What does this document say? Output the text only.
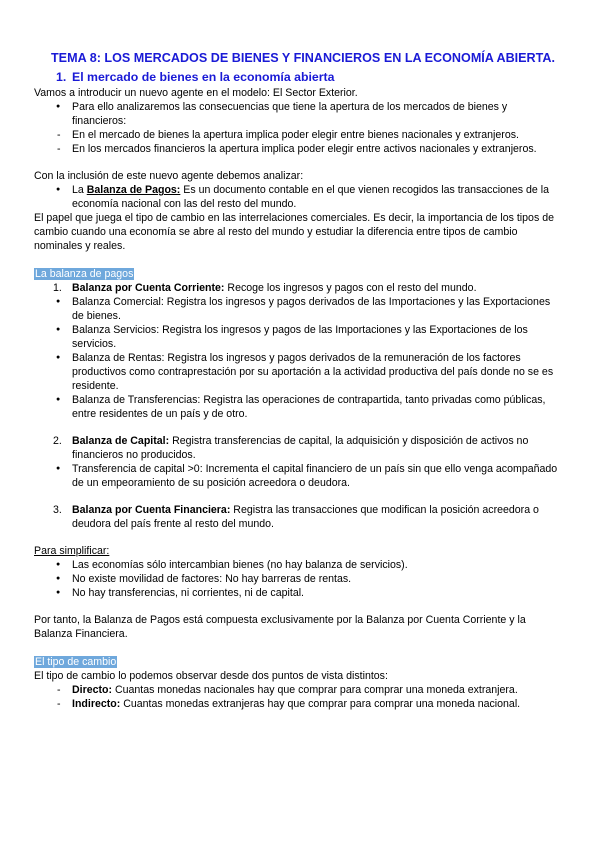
TEMA 8: LOS MERCADOS DE BIENES Y FINANCIEROS EN LA ECONOMÍA ABIERTA.
1. El mercado de bienes en la economía abierta

Vamos a introducir un nuevo agente en el modelo: El Sector Exterior.

Para ello analizaremos las consecuencias que tiene la apertura de los mercados de bienes y financieros:
En el mercado de bienes la apertura implica poder elegir entre bienes nacionales y extranjeros.
En los mercados financieros la apertura implica poder elegir entre activos nacionales y extranjeros.

Con la inclusión de este nuevo agente debemos analizar:

La Balanza de Pagos: Es un documento contable en el que vienen recogidos las transacciones de la economía nacional con las del resto del mundo.

El papel que juega el tipo de cambio en las interrelaciones comerciales. Es decir, la importancia de los tipos de cambio cuando una economía se abre al resto del mundo y estudiar la diferencia entre tipos de cambio nominales y reales.

La balanza de pagos

1. Balanza por Cuenta Corriente: Recoge los ingresos y pagos con el resto del mundo.
Balanza Comercial: Registra los ingresos y pagos derivados de las Importaciones y las Exportaciones de bienes.
Balanza Servicios: Registra los ingresos y pagos de las Importaciones y las Exportaciones de los servicios.
Balanza de Rentas: Registra los ingresos y pagos derivados de la remuneración de los factores productivos como contraprestación por su aportación a la actividad productiva del país donde no se es residente.
Balanza de Transferencias: Registra las operaciones de contrapartida, tanto privadas como públicas, entre residentes de un país y de otro.
2. Balanza de Capital: Registra transferencias de capital, la adquisición y disposición de activos no financieros no producidos.
Transferencia de capital >0: Incrementa el capital financiero de un país sin que ello venga acompañado de un empeoramiento de su posición acreedora o deudora.
3. Balanza por Cuenta Financiera: Registra las transacciones que modifican la posición acreedora o deudora del país frente al resto del mundo.

Para simplificar:

Las economías sólo intercambian bienes (no hay balanza de servicios).
No existe movilidad de factores: No hay barreras de rentas.
No hay transferencias, ni corrientes, ni de capital.

Por tanto, la Balanza de Pagos está compuesta exclusivamente por la Balanza por Cuenta Corriente y la Balanza Financiera.

El tipo de cambio

El tipo de cambio lo podemos observar desde dos puntos de vista distintos:

Directo: Cuantas monedas nacionales hay que comprar para comprar una moneda extranjera.
Indirecto: Cuantas monedas extranjeras hay que comprar para comprar una moneda nacional.
